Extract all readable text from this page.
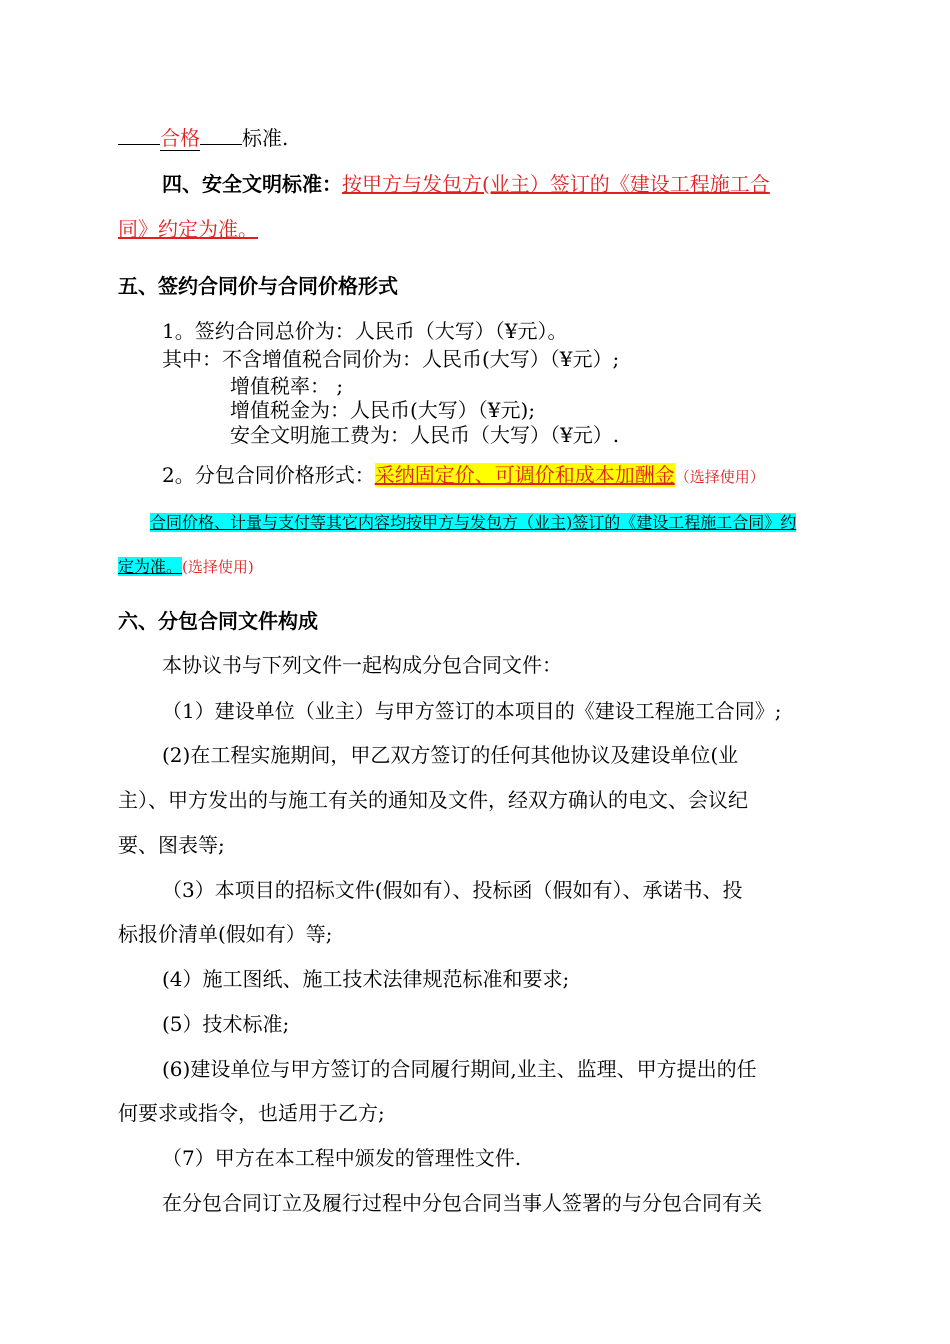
合格 标准.
四、安全文明标准：按甲方与发包方(业主）签订的《建设工程施工合
同》约定为准。
五、签约合同价与合同价格形式
1。签约合同总价为：人民币（大写）（¥元）。
其中：不含增值税合同价为：人民币(大写）（¥元）;
增值税率： ;
增值税金为：人民币(大写）（¥元);
安全文明施工费为：人民币（大写）（¥元）.
2。分包合同价格形式：采纳固定价、可调价和成本加酬金（选择使用）
合同价格、计量与支付等其它内容均按甲方与发包方（业主)签订的《建设工程施工合同》约
定为准。(选择使用)
六、分包合同文件构成
本协议书与下列文件一起构成分包合同文件：
（1）建设单位（业主）与甲方签订的本项目的《建设工程施工合同》;
(2)在工程实施期间，甲乙双方签订的任何其他协议及建设单位(业
主）、甲方发出的与施工有关的通知及文件，经双方确认的电文、会议纪
要、图表等;
（3）本项目的招标文件(假如有）、投标函（假如有）、承诺书、投
标报价清单(假如有）等;
(4）施工图纸、施工技术法律规范标准和要求;
(5）技术标准;
(6)建设单位与甲方签订的合同履行期间,业主、监理、甲方提出的任
何要求或指令，也适用于乙方;
（7）甲方在本工程中颁发的管理性文件.
在分包合同订立及履行过程中分包合同当事人签署的与分包合同有关
